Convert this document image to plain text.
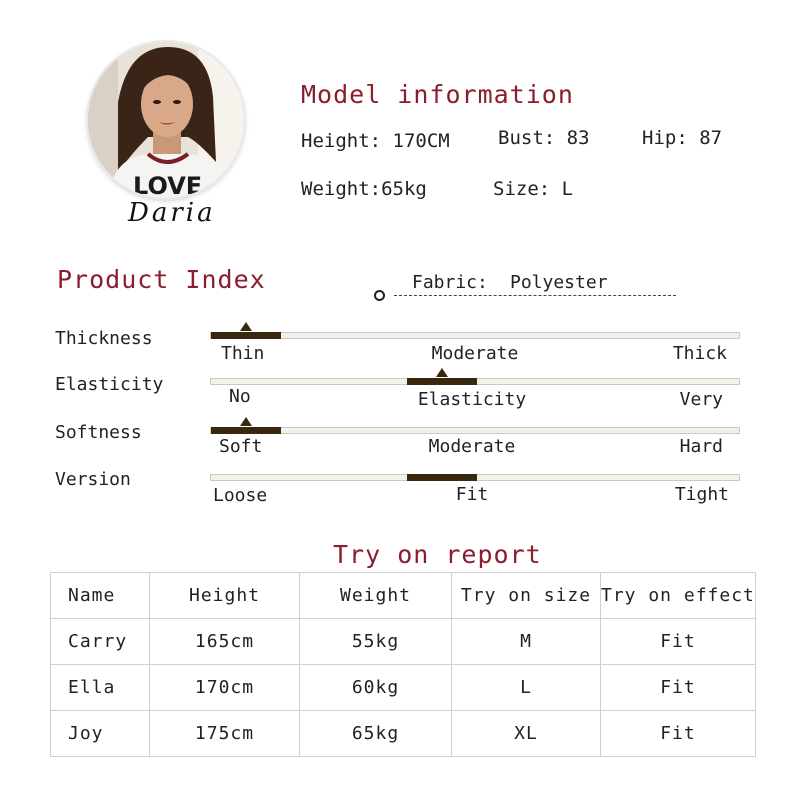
LOVE
Daria
Model information
Height: 170CM	Bust: 83	Hip: 87
Weight:65kg	Size: L
Product Index	Fabric: Polyester
Thickness
Thin	Moderate	Thick
Elasticity
No	Elasticity	Very
Softness
Soft	Moderate	Hard
Version
Loose	Fit	Tight
Try on report
Name	Height	Weight	Try on size	Try on effect
Carry	165cm	55kg	M	Fit
Ella	170cm	60kg	L	Fit
Joy	175cm	65kg	XL	Fit
